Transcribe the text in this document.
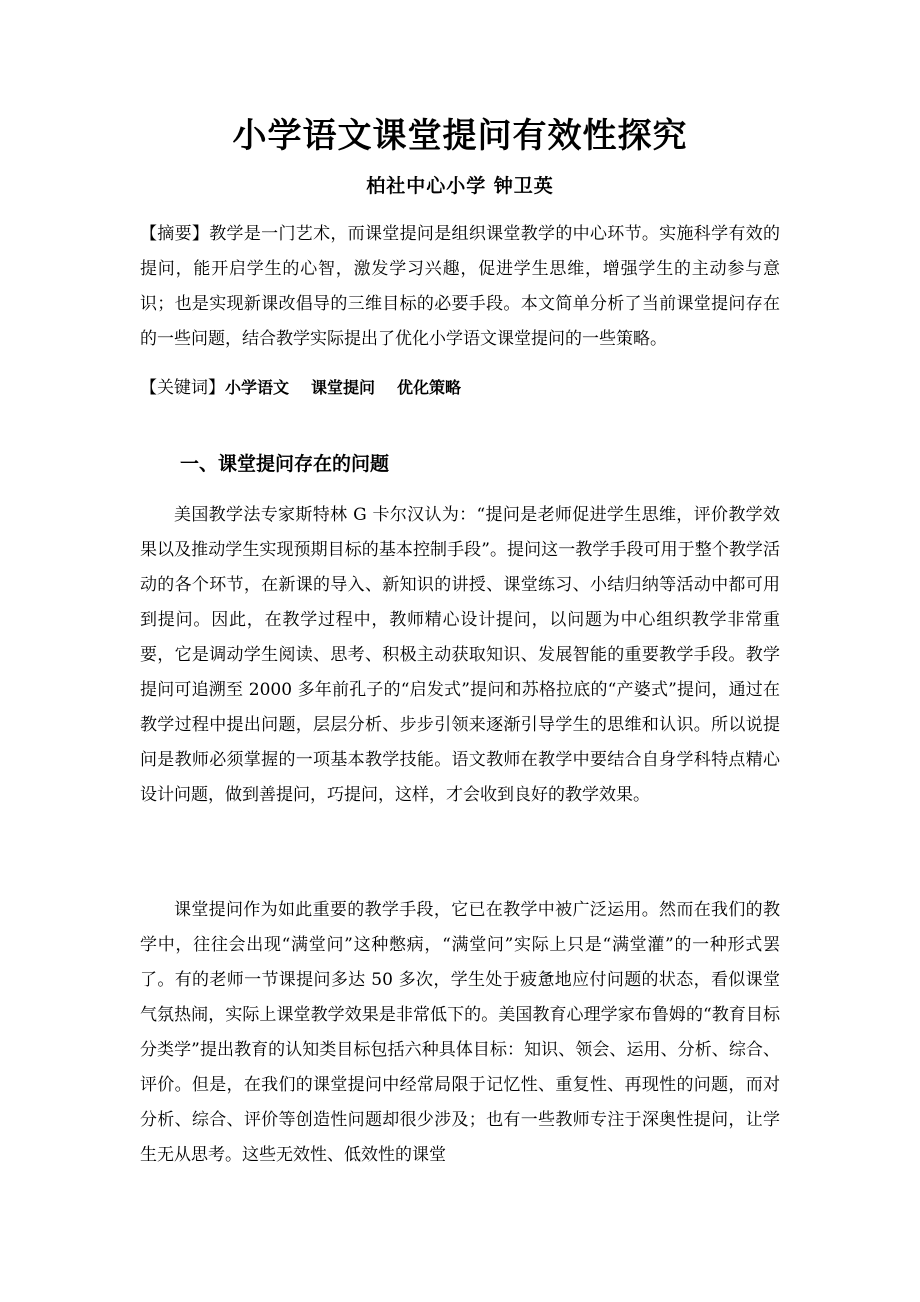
小学语文课堂提问有效性探究
柏社中心小学 钟卫英
【摘要】教学是一门艺术，而课堂提问是组织课堂教学的中心环节。实施科学有效的提问，能开启学生的心智，激发学习兴趣，促进学生思维，增强学生的主动参与意识；也是实现新课改倡导的三维目标的必要手段。本文简单分析了当前课堂提问存在的一些问题，结合教学实际提出了优化小学语文课堂提问的一些策略。
【关键词】小学语文 课堂提问 优化策略
一、课堂提问存在的问题

美国教学法专家斯特林 G 卡尔汉认为：“提问是老师促进学生思维，评价教学效果以及推动学生实现预期目标的基本控制手段”。提问这一教学手段可用于整个教学活动的各个环节，在新课的导入、新知识的讲授、课堂练习、小结归纳等活动中都可用到提问。因此，在教学过程中，教师精心设计提问，以问题为中心组织教学非常重要，它是调动学生阅读、思考、积极主动获取知识、发展智能的重要教学手段。教学提问可追溯至 2000 多年前孔子的“启发式”提问和苏格拉底的“产婆式”提问，通过在教学过程中提出问题，层层分析、步步引领来逐渐引导学生的思维和认识。所以说提问是教师必须掌握的一项基本教学技能。语文教师在教学中要结合自身学科特点精心设计问题，做到善提问，巧提问，这样，才会收到良好的教学效果。

课堂提问作为如此重要的教学手段，它已在教学中被广泛运用。然而在我们的教学中，往往会出现“满堂问”这种憋病，“满堂问”实际上只是“满堂灌”的一种形式罢了。有的老师一节课提问多达 50 多次，学生处于疲惫地应付问题的状态，看似课堂气氛热闹，实际上课堂教学效果是非常低下的。美国教育心理学家布鲁姆的“教育目标分类学”提出教育的认知类目标包括六种具体目标：知识、领会、运用、分析、综合、评价。但是，在我们的课堂提问中经常局限于记忆性、重复性、再现性的问题，而对分析、综合、评价等创造性问题却很少涉及；也有一些教师专注于深奥性提问，让学生无从思考。这些无效性、低效性的课堂
